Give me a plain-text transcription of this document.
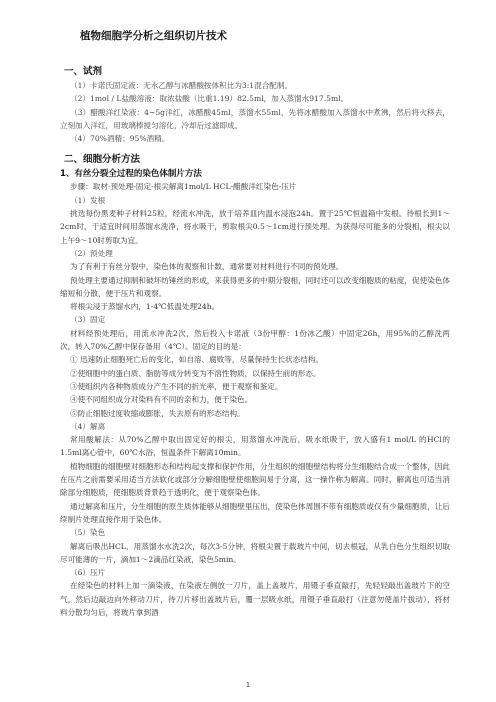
植物细胞学分析之组织切片技术
一、试剂

（1）卡诺氏固定液：无水乙醇与冰醋酸按体积比为3:1混合配制。

（2）1mol / L盐酸溶液：取浓盐酸（比重1.19）82.5ml，加入蒸馏水917.5ml。

（3）醋酸洋红染液：4~5g洋红，冰醋酸45ml，蒸馏水55ml，先将冰醋酸加入蒸馏水中煮沸，然后将火移去，立刻加入洋红，用玻璃棒搅匀溶化，冷却后过滤即成。

（4）70%酒精；95%酒精。

二、细胞分析方法
1、有丝分裂全过程的染色体制片方法

步骤：取材-预处理-固定-根尖解离1mol/L HCL-醋酸洋红染色-压片

（1）发根

挑选每份黑麦种子材料25粒，经流水冲洗，放于培养皿内温水浸泡24h。置于25℃恒温箱中发根。待根长到1～2cm时，于适宜时间用蒸馏水洗净，将水吸干，剪取根尖0.5～1cm进行预处理。为获得尽可能多的分裂相，根尖以上午9～10时剪取为宜。

（2）预处理

为了有利于有丝分裂中，染色体的观察和计数，通常要对材料进行不同的预处理。

预处理主要通过抑制和破坏纺锤丝的形成，来获得更多的中期分裂相，同时还可以改变细胞质的粘度，促使染色体缩短和分散，便于压片和观察。

将根尖浸于蒸馏水内，1-4℃低温处理24h。

（3）固定

材料经预处理后，用流水冲洗2次，然后投入卡诺液（3份甲醇：1份冰乙酸）中固定26h，用95%的乙醇洗两次，转入70%乙醇中保存备用（4℃）。固定的目的是：

① 迅速防止细胞死亡后的变化，如自溶、腐败等，尽量保持生长状态结构。

②使细胞中的蛋白质、脂肪等成分转变为不溶性物质，以保持生前的形态。

③使组织内各种物质成分产生不同的折光率，便于观察和鉴定。

④使不同组织成分对染料有不同的亲和力，便于染色。

⑤防止细胞过度收缩或膨胀，失去原有的形态结构。

（4）解离

常用酸解法：从70%乙醇中取出固定好的根尖，用蒸馏水冲洗后，吸水纸吸干，放入盛有1 mol/L 的HCl的1.5ml离心管中，60℃水浴，恒温条件下解离10min。

植物细胞的细胞壁对细胞形态和结构起支撑和保护作用，分生组织的细胞壁结构将分生细胞结合成一个整体，因此在压片之前需要采用适当方法软化或部分分解细胞壁使细胞间易于分离，这一操作称为解离。同时，解离也可适当消除部分细胞质，使细胞质背景趋于透明化，便于观察染色体。

通过解离和压片，分生细胞的原生质体能够从细胞壁里压出，使染色体周围不带有细胞质或仅有少量细胞质，让后续制片处理直接作用于染色体。

（5）染色

解离后吸出HCL，用蒸馏水水洗2次，每次3-5分钟，将根尖置于载玻片中间，切去根冠，从乳白色分生组织切取尽可能薄的一片，滴加1～2滴品红染液，染色5min。

（6）压片

在经染色的材料上加一滴染液，在染液左侧放一刀片，盖上盖玻片，用镊子垂直敲打，先轻轻敲出盖玻片下的空气，然后边敲边向外移动刀片，待刀片移出盖玻片后，覆一层吸水纸，用镊子垂直敲打（注意勿使盖片拔动），将材料分散均匀后，将玻片拿到酒

1
